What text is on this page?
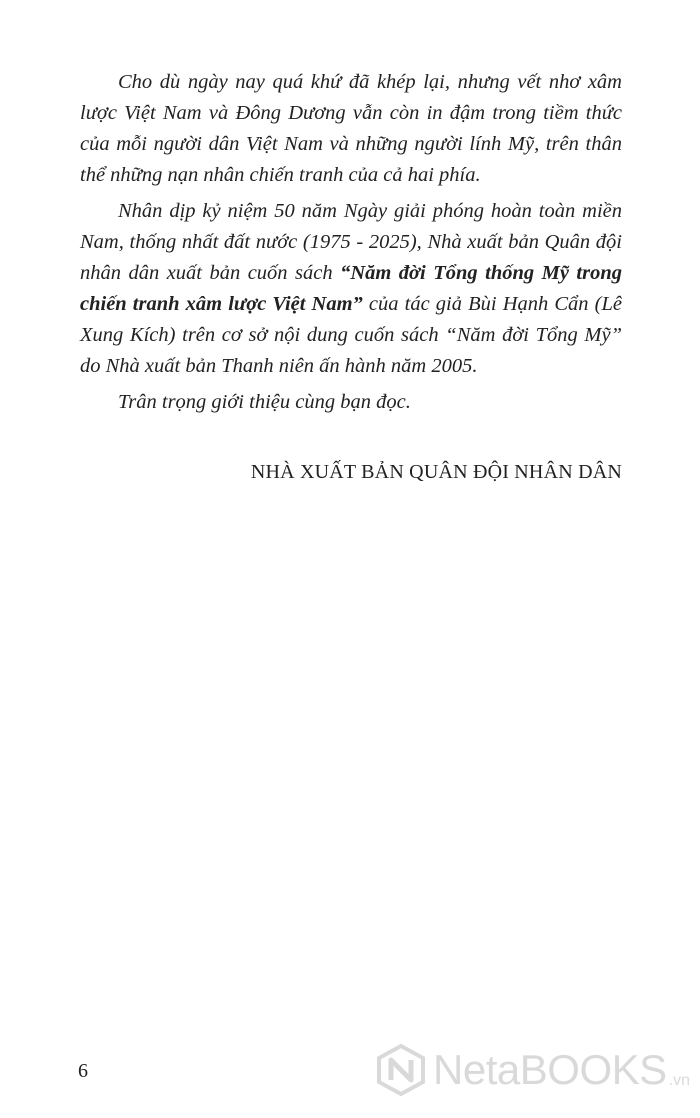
Cho dù ngày nay quá khứ đã khép lại, nhưng vết nhơ xâm lược Việt Nam và Đông Dương vẫn còn in đậm trong tiềm thức của mỗi người dân Việt Nam và những người lính Mỹ, trên thân thể những nạn nhân chiến tranh của cả hai phía.

Nhân dịp kỷ niệm 50 năm Ngày giải phóng hoàn toàn miền Nam, thống nhất đất nước (1975 - 2025), Nhà xuất bản Quân đội nhân dân xuất bản cuốn sách “Năm đời Tổng thống Mỹ trong chiến tranh xâm lược Việt Nam” của tác giả Bùi Hạnh Cẩn (Lê Xung Kích) trên cơ sở nội dung cuốn sách “Năm đời Tổng Mỹ” do Nhà xuất bản Thanh niên ấn hành năm 2005.

Trân trọng giới thiệu cùng bạn đọc.

NHÀ XUẤT BẢN QUÂN ĐỘI NHÂN DÂN
6	NetaBOOKS .vn
